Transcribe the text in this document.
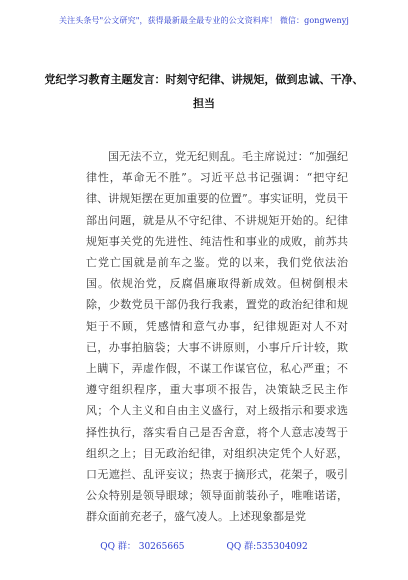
关注头条号"公文研究"，获得最新最全最专业的公文资料库！ 微信：gongwenyj
党纪学习教育主题发言：时刻守纪律、讲规矩，做到忠诚、干净、担当
国无法不立，党无纪则乱。毛主席说过：“加强纪律性，革命无不胜”。习近平总书记强调：“把守纪律、讲规矩摆在更加重要的位置”。事实证明，党员干部出问题，就是从不守纪律、不讲规矩开始的。纪律规矩事关党的先进性、纯洁性和事业的成败，前苏共亡党亡国就是前车之鉴。党的以来，我们党依法治国。依规治党，反腐倡廉取得新成效。但树倒根未除，少数党员干部仍我行我素，置党的政治纪律和规矩于不顾，凭感情和意气办事，纪律规距对人不对已，办事拍脑袋；大事不讲原则，小事斤斤计较，欺上瞒下，弄虚作假，不谋工作谋官位，私心严重；不遵守组织程序，重大事项不报告，决策缺乏民主作风；个人主义和自由主义盛行，对上级指示和要求选择性执行，落实看自己是否舍意，将个人意志凌驾于组织之上；目无政治纪律，对组织决定凭个人好恶，口无遮拦、乱评妄议；热衷于摘形式，花架子，吸引公众特别是领导眼球；领导面前装孙子，唯唯诺诺，群众面前充老子，盛气凌人。上述现象都是党
QQ 群： 30265665	QQ 群:535304092
